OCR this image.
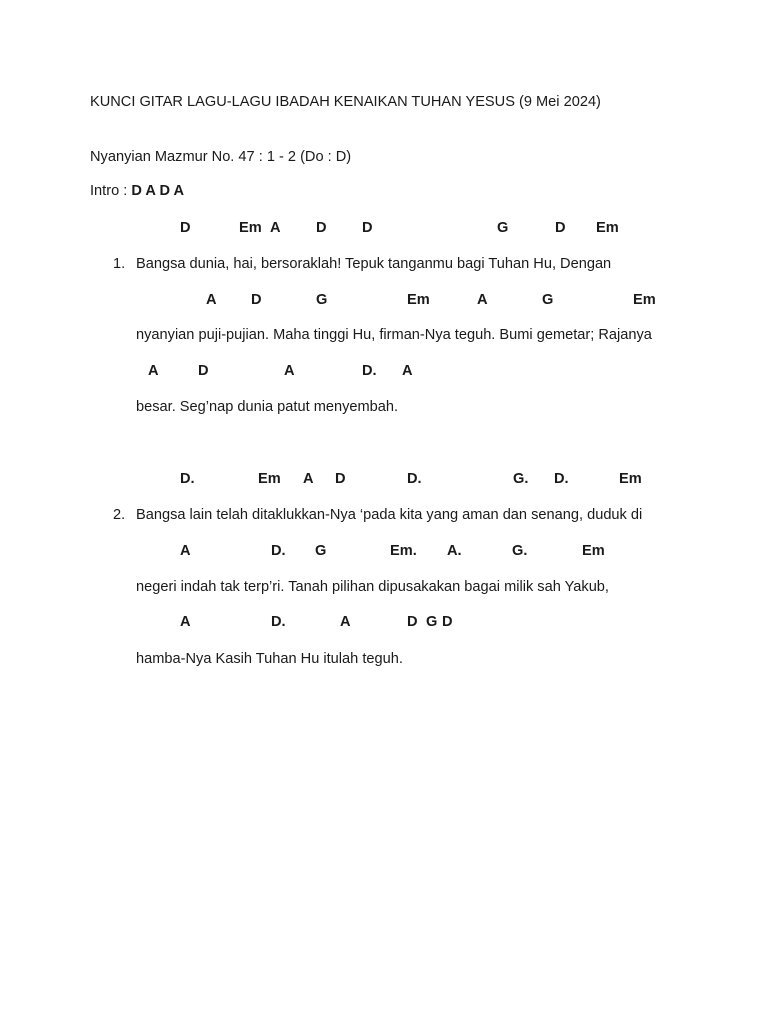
KUNCI GITAR LAGU-LAGU IBADAH KENAIKAN TUHAN YESUS (9 Mei 2024)
Nyanyian Mazmur No. 47 : 1 - 2 (Do : D)
Intro : D A D A
D	Em A D D	G	D Em
1. Bangsa dunia, hai, bersoraklah! Tepuk tanganmu bagi Tuhan Hu, Dengan
A D	G	Em	A	G	Em
nyanyian puji-pujian. Maha tinggi Hu, firman-Nya teguh. Bumi gemetar; Rajanya
A	D	A	D. A
besar. Seg’nap dunia patut menyembah.
D.	Em A D	D.	G. D.	Em
2. Bangsa lain telah ditaklukkan-Nya ‘pada kita yang aman dan senang, duduk di
A	D. G	Em. A.	G.	Em
negeri indah tak terp’ri. Tanah pilihan dipusakakan bagai milik sah Yakub,
A	D.	A	D G D
hamba-Nya Kasih Tuhan Hu itulah teguh.
